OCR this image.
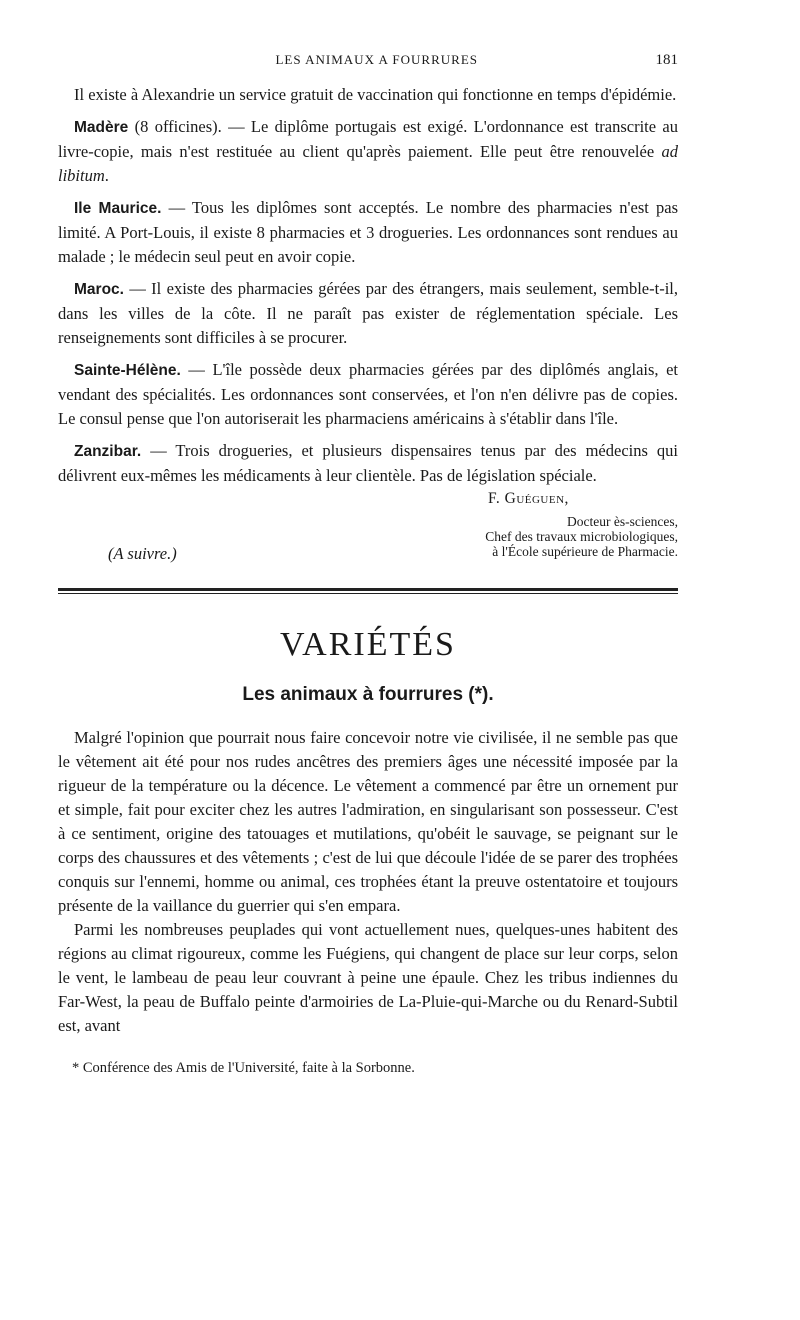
LES ANIMAUX A FOURRURES	181

Il existe à Alexandrie un service gratuit de vaccination qui fonctionne en temps d'épidémie.

Madère (8 officines). — Le diplôme portugais est exigé. L'ordonnance est transcrite au livre-copie, mais n'est restituée au client qu'après paiement. Elle peut être renouvelée ad libitum.

Ile Maurice. — Tous les diplômes sont acceptés. Le nombre des pharmacies n'est pas limité. A Port-Louis, il existe 8 pharmacies et 3 drogueries. Les ordonnances sont rendues au malade ; le médecin seul peut en avoir copie.

Maroc. — Il existe des pharmacies gérées par des étrangers, mais seulement, semble-t-il, dans les villes de la côte. Il ne paraît pas exister de réglementation spéciale. Les renseignements sont difficiles à se procurer.

Sainte-Hélène. — L'île possède deux pharmacies gérées par des diplômés anglais, et vendant des spécialités. Les ordonnances sont conservées, et l'on n'en délivre pas de copies. Le consul pense que l'on autoriserait les pharmaciens américains à s'établir dans l'île.

Zanzibar. — Trois drogueries, et plusieurs dispensaires tenus par des médecins qui délivrent eux-mêmes les médicaments à leur clientèle. Pas de législation spéciale.

F. Guéguen,
Docteur ès-sciences,
Chef des travaux microbiologiques,
à l'École supérieure de Pharmacie.
(A suivre.)
VARIÉTÉS
Les animaux à fourrures (*).

Malgré l'opinion que pourrait nous faire concevoir notre vie civilisée, il ne semble pas que le vêtement ait été pour nos rudes ancêtres des premiers âges une nécessité imposée par la rigueur de la température ou la décence. Le vêtement a commencé par être un ornement pur et simple, fait pour exciter chez les autres l'admiration, en singularisant son possesseur. C'est à ce sentiment, origine des tatouages et mutilations, qu'obéit le sauvage, se peignant sur le corps des chaussures et des vêtements ; c'est de lui que découle l'idée de se parer des trophées conquis sur l'ennemi, homme ou animal, ces trophées étant la preuve ostentatoire et toujours présente de la vaillance du guerrier qui s'en empara.

Parmi les nombreuses peuplades qui vont actuellement nues, quelques-unes habitent des régions au climat rigoureux, comme les Fuégiens, qui changent de place sur leur corps, selon le vent, le lambeau de peau leur couvrant à peine une épaule. Chez les tribus indiennes du Far-West, la peau de Buffalo peinte d'armoiries de La-Pluie-qui-Marche ou du Renard-Subtil est, avant

* Conférence des Amis de l'Université, faite à la Sorbonne.
